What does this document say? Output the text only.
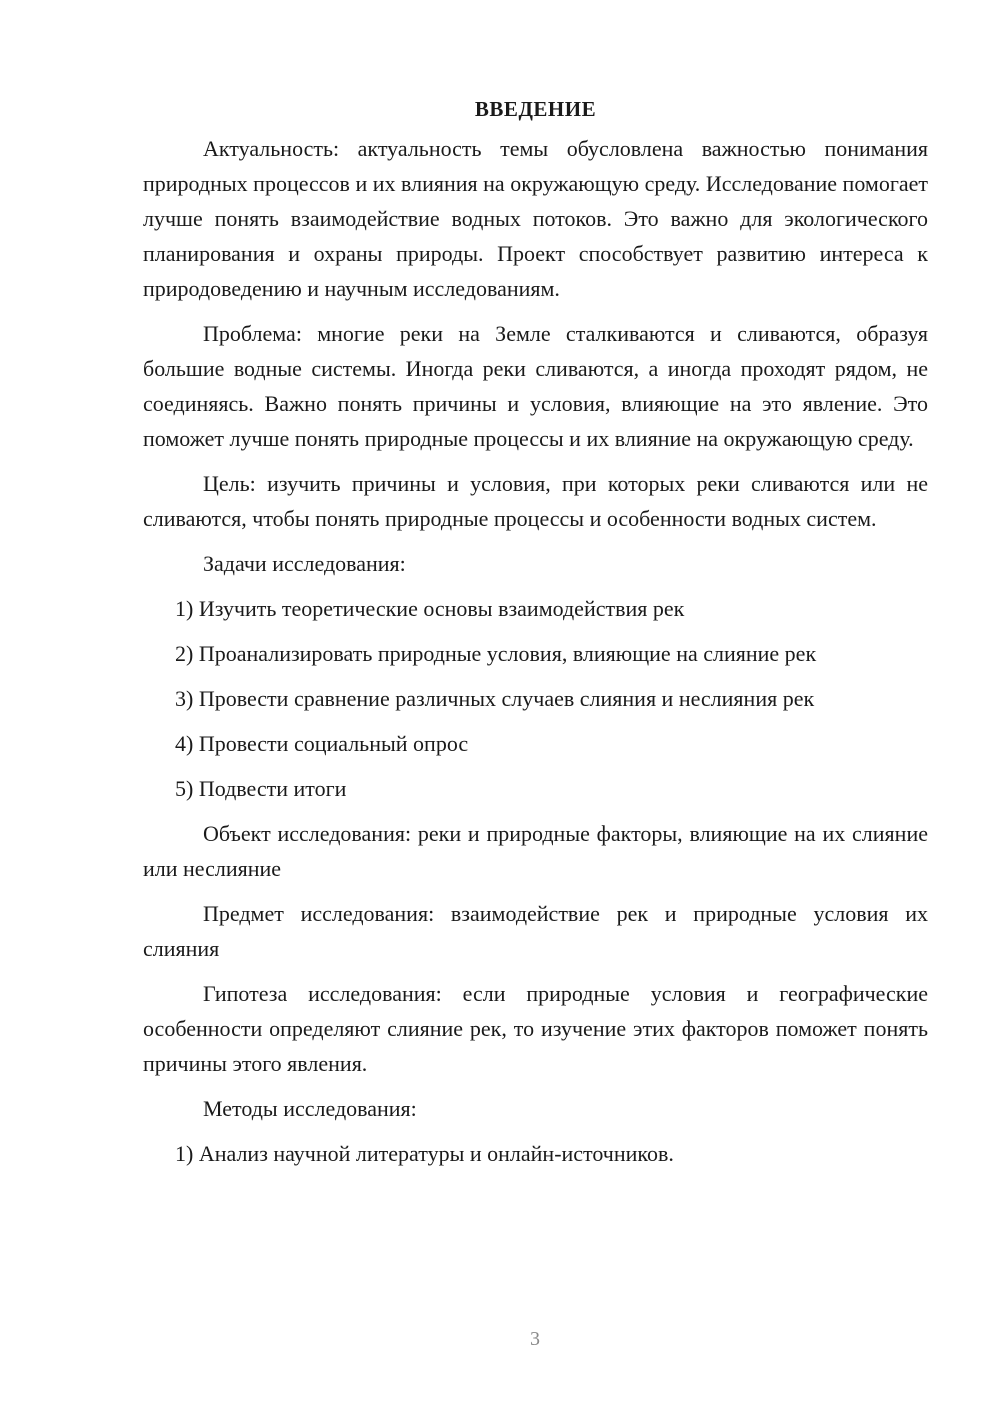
ВВЕДЕНИЕ

Актуальность: актуальность темы обусловлена важностью понимания природных процессов и их влияния на окружающую среду. Исследование помогает лучше понять взаимодействие водных потоков. Это важно для экологического планирования и охраны природы. Проект способствует развитию интереса к природоведению и научным исследованиям.

Проблема: многие реки на Земле сталкиваются и сливаются, образуя большие водные системы. Иногда реки сливаются, а иногда проходят рядом, не соединяясь. Важно понять причины и условия, влияющие на это явление. Это поможет лучше понять природные процессы и их влияние на окружающую среду.

Цель: изучить причины и условия, при которых реки сливаются или не сливаются, чтобы понять природные процессы и особенности водных систем.

Задачи исследования:

1) Изучить теоретические основы взаимодействия рек
2) Проанализировать природные условия, влияющие на слияние рек
3) Провести сравнение различных случаев слияния и неслияния рек
4) Провести социальный опрос
5) Подвести итоги

Объект исследования: реки и природные факторы, влияющие на их слияние или неслияние

Предмет исследования: взаимодействие рек и природные условия их слияния

Гипотеза исследования: если природные условия и географические особенности определяют слияние рек, то изучение этих факторов поможет понять причины этого явления.

Методы исследования:

1) Анализ научной литературы и онлайн-источников.
3
